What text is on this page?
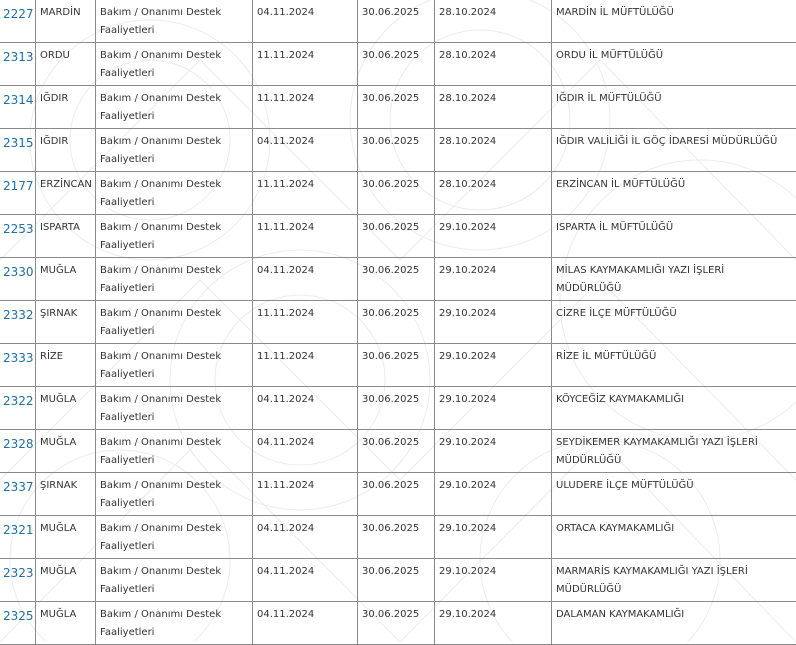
2227	MARDİN	Bakım / Onanımı Destek Faaliyetleri	04.11.2024	30.06.2025	28.10.2024	MARDİN İL MÜFTÜLÜĞÜ

2313	ORDU	Bakım / Onanımı Destek Faaliyetleri	11.11.2024	30.06.2025	28.10.2024	ORDU İL MÜFTÜLÜĞÜ

2314	IĞDIR	Bakım / Onanımı Destek Faaliyetleri	11.11.2024	30.06.2025	28.10.2024	IĞDIR İL MÜFTÜLÜĞÜ

2315	IĞDIR	Bakım / Onanımı Destek Faaliyetleri	04.11.2024	30.06.2025	28.10.2024	IĞDIR VALİLİĞİ İL GÖÇ İDARESİ MÜDÜRLÜĞÜ

2177	ERZİNCAN	Bakım / Onanımı Destek Faaliyetleri	11.11.2024	30.06.2025	28.10.2024	ERZİNCAN İL MÜFTÜLÜĞÜ

2253	ISPARTA	Bakım / Onanımı Destek Faaliyetleri	11.11.2024	30.06.2025	29.10.2024	ISPARTA İL MÜFTÜLÜĞÜ

2330	MUĞLA	Bakım / Onanımı Destek Faaliyetleri	04.11.2024	30.06.2025	29.10.2024	MİLAS KAYMAKAMLIĞI YAZI İŞLERİ MÜDÜRLÜĞÜ

2332	ŞIRNAK	Bakım / Onanımı Destek Faaliyetleri	11.11.2024	30.06.2025	29.10.2024	CİZRE İLÇE MÜFTÜLÜĞÜ

2333	RİZE	Bakım / Onanımı Destek Faaliyetleri	11.11.2024	30.06.2025	29.10.2024	RİZE İL MÜFTÜLÜĞÜ

2322	MUĞLA	Bakım / Onanımı Destek Faaliyetleri	04.11.2024	30.06.2025	29.10.2024	KÖYCEĞİZ KAYMAKAMLIĞI

2328	MUĞLA	Bakım / Onanımı Destek Faaliyetleri	04.11.2024	30.06.2025	29.10.2024	SEYDİKEMER KAYMAKAMLIĞI YAZI İŞLERİ MÜDÜRLÜĞÜ

2337	ŞIRNAK	Bakım / Onanımı Destek Faaliyetleri	11.11.2024	30.06.2025	29.10.2024	ULUDERE İLÇE MÜFTÜLÜĞÜ

2321	MUĞLA	Bakım / Onanımı Destek Faaliyetleri	04.11.2024	30.06.2025	29.10.2024	ORTACA KAYMAKAMLIĞI

2323	MUĞLA	Bakım / Onanımı Destek Faaliyetleri	04.11.2024	30.06.2025	29.10.2024	MARMARİS KAYMAKAMLIĞI YAZI İŞLERİ MÜDÜRLÜĞÜ

2325	MUĞLA	Bakım / Onanımı Destek Faaliyetleri	04.11.2024	30.06.2025	29.10.2024	DALAMAN KAYMAKAMLIĞI
